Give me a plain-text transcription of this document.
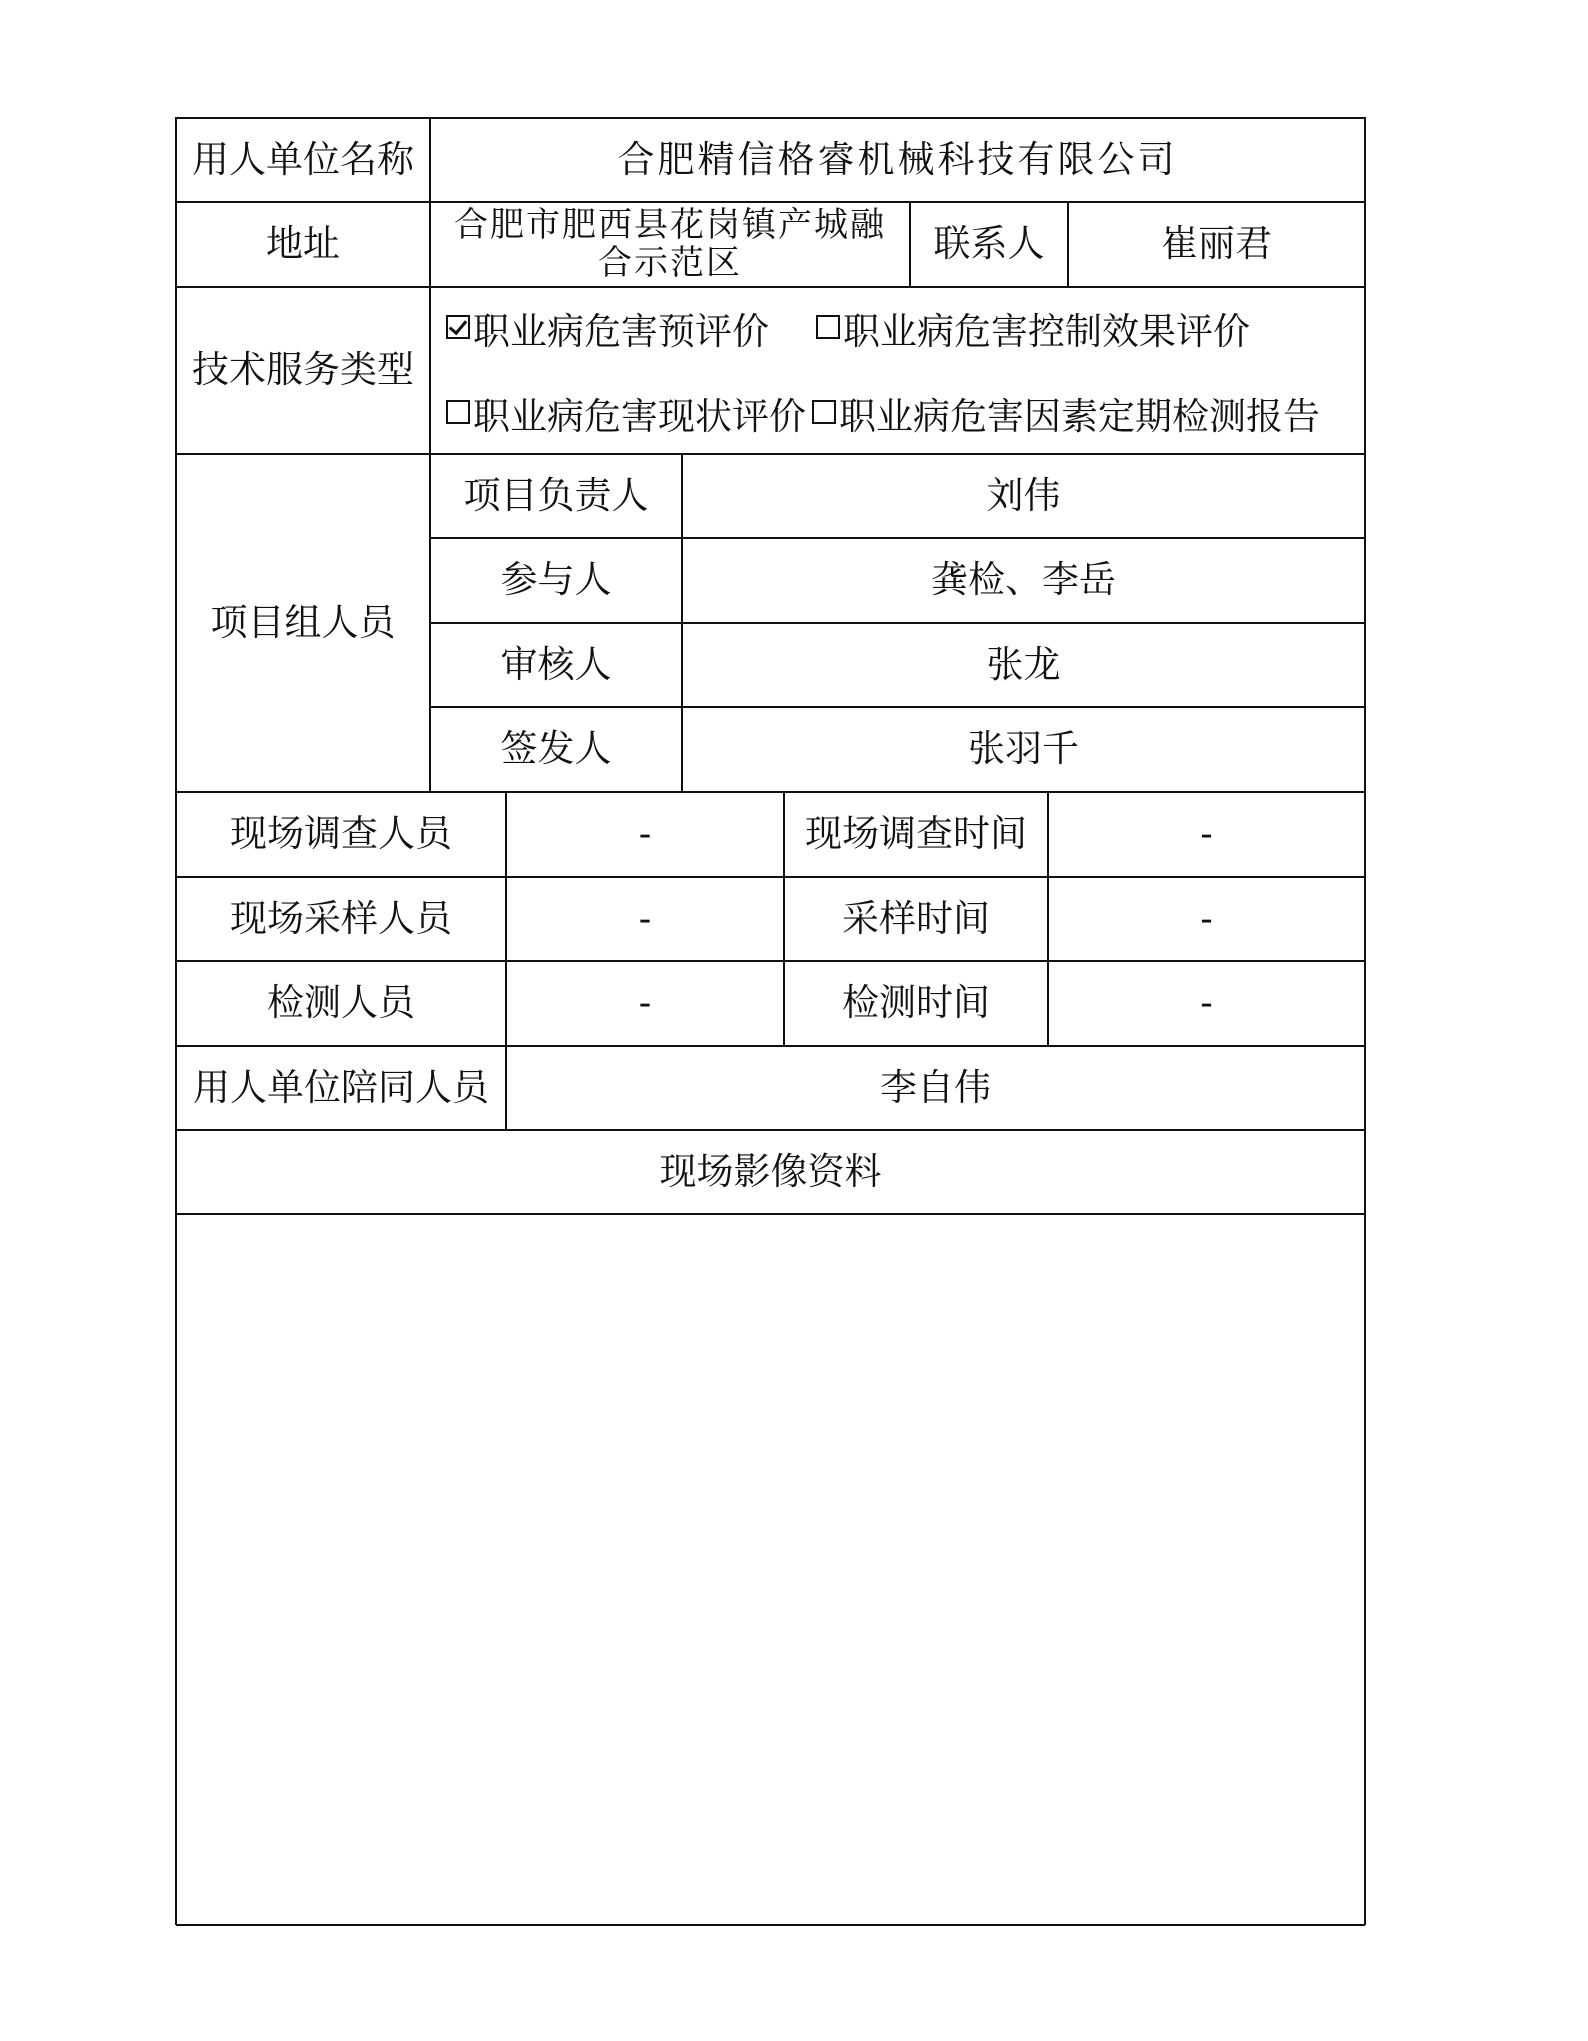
用人单位名称	合肥精信格睿机械科技有限公司
地址	合肥市肥西县花岗镇产城融合示范区	联系人	崔丽君
技术服务类型
职业病危害预评价 职业病危害控制效果评价
职业病危害现状评价 职业病危害因素定期检测报告
项目组人员
项目负责人	刘伟
参与人	龚检、李岳
审核人	张龙
签发人	张羽千
现场调查人员	-	现场调查时间	-
现场采样人员	-	采样时间	-
检测人员	-	检测时间	-
用人单位陪同人员	李自伟
现场影像资料
